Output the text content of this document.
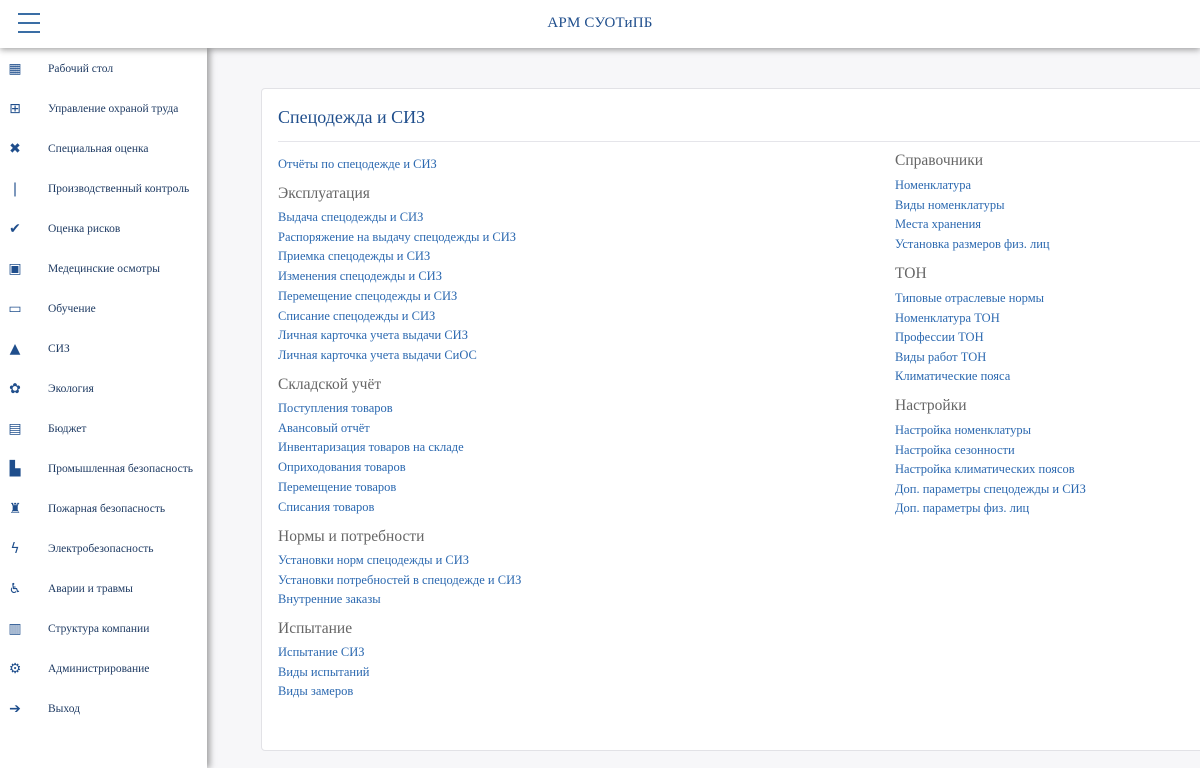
АРМ СУОТиПБ
▦ Рабочий стол
⊞ Управление охраной труда
✖ Специальная оценка
❘ Производственный контроль
✔ Оценка рисков
▣ Медецинские осмотры
▭ Обучение
▲ СИЗ
✿ Экология
▤ Бюджет
▙ Промышленная безопасность
♜ Пожарная безопасность
ϟ Электробезопасность
♿ Аварии и травмы
▥ Структура компании
⚙ Администрирование
➔ Выход
Спецодежда и СИЗ
Отчёты по спецодежде и СИЗ
Эксплуатация
Выдача спецодежды и СИЗ
Распоряжение на выдачу спецодежды и СИЗ
Приемка спецодежды и СИЗ
Изменения спецодежды и СИЗ
Перемещение спецодежды и СИЗ
Списание спецодежды и СИЗ
Личная карточка учета выдачи СИЗ
Личная карточка учета выдачи СиОС
Складской учёт
Поступления товаров
Авансовый отчёт
Инвентаризация товаров на складе
Оприходования товаров
Перемещение товаров
Списания товаров
Нормы и потребности
Установки норм спецодежды и СИЗ
Установки потребностей в спецодежде и СИЗ
Внутренние заказы
Испытание
Испытание СИЗ
Виды испытаний
Виды замеров
Справочники
Номенклатура
Виды номенклатуры
Места хранения
Установка размеров физ. лиц
ТОН
Типовые отраслевые нормы
Номенклатура ТОН
Профессии ТОН
Виды работ ТОН
Климатические пояса
Настройки
Настройка номенклатуры
Настройка сезонности
Настройка климатических поясов
Доп. параметры спецодежды и СИЗ
Доп. параметры физ. лиц
